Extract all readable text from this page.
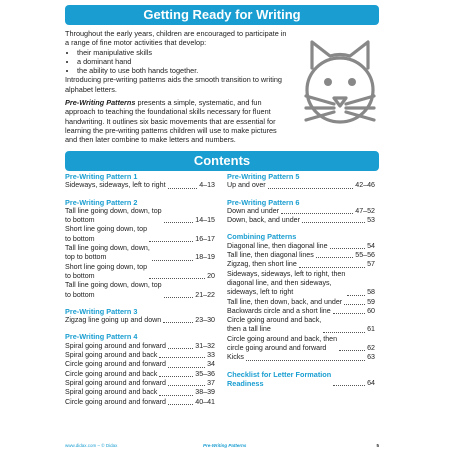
Getting Ready for Writing

Throughout the early years, children are encouraged to participate in a range of fine motor activities that develop:

• their manipulative skills
• a dominant hand
• the ability to use both hands together.

Introducing pre-writing patterns aids the smooth transition to writing alphabet letters.

Pre-Writing Patterns presents a simple, systematic, and fun approach to teaching the foundational skills necessary for fluent handwriting. It outlines six basic movements that are essential for learning the pre-writing patterns children will use to make pictures and then later combine to make letters and numbers.

Contents
Pre-Writing Pattern 1
Sideways, sideways, left to right	4–13
Pre-Writing Pattern 2
Tall line going down, down, top
to bottom	14–15
Short line going down, top
to bottom	16–17
Tall line going down, down,
top to bottom	18–19
Short line going down, top
to bottom	20
Tall line going down, down, top
to bottom	21–22
Pre-Writing Pattern 3
Zigzag line going up and down	23–30
Pre-Writing Pattern 4
Spiral going around and forward	31–32
Spiral going around and back	33
Circle going around and forward	34
Circle going around and back	35–36
Spiral going around and forward	37
Spiral going around and back	38–39
Circle going around and forward	40–41
Pre-Writing Pattern 5
Up and over	42–46
Pre-Writing Pattern 6
Down and under	47–52
Down, back, and under	53
Combining Patterns
Diagonal line, then diagonal line	54
Tall line, then diagonal lines	55–56
Zigzag, then short line	57
Sideways, sideways, left to right, then
diagonal line, and then sideways,
sideways, left to right	58
Tall line, then down, back, and under	59
Backwards circle and a short line	60
Circle going around and back,
then a tall line	61
Circle going around and back, then
circle going around and forward	62
Kicks	63
Checklist for Letter Formation
Readiness	64
www.didax.com – © Didax	Pre-Writing Patterns	5
